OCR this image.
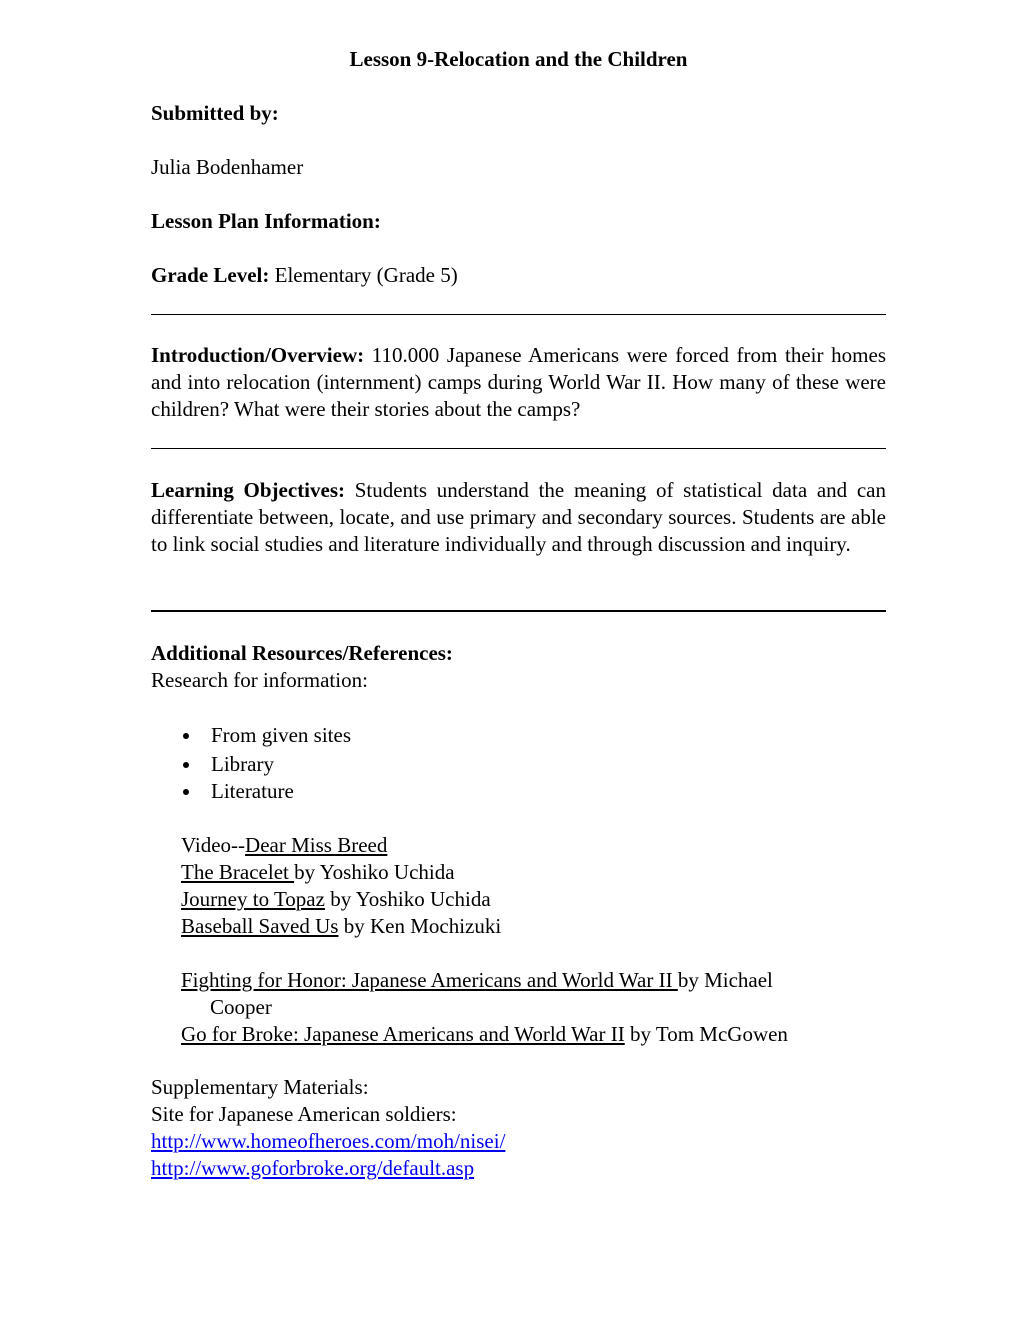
Lesson 9-Relocation and the Children
Submitted by:
Julia Bodenhamer
Lesson Plan Information:
Grade Level: Elementary (Grade 5)

Introduction/Overview: 110.000 Japanese Americans were forced from their homes and into relocation (internment) camps during World War II. How many of these were children? What were their stories about the camps?

Learning Objectives: Students understand the meaning of statistical data and can differentiate between, locate, and use primary and secondary sources. Students are able to link social studies and literature individually and through discussion and inquiry.

Additional Resources/References:
Research for information:
From given sites
Library
Literature
Video--Dear Miss Breed
The Bracelet by Yoshiko Uchida
Journey to Topaz by Yoshiko Uchida
Baseball Saved Us by Ken Mochizuki
Fighting for Honor: Japanese Americans and World War II by Michael
Cooper
Go for Broke: Japanese Americans and World War II by Tom McGowen
Supplementary Materials:
Site for Japanese American soldiers:
http://www.homeofheroes.com/moh/nisei/
http://www.goforbroke.org/default.asp
